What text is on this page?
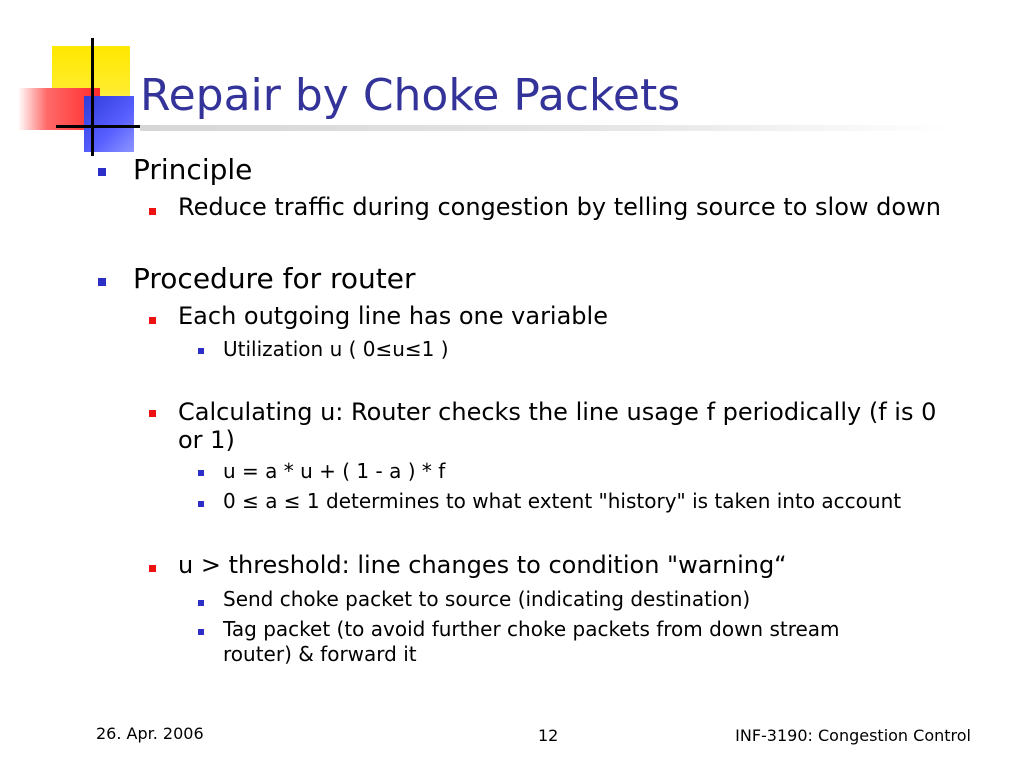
Repair by Choke Packets
Principle
Reduce traffic during congestion by telling source to slow down
Procedure for router
Each outgoing line has one variable
Utilization u ( 0≤u≤1 )
Calculating u: Router checks the line usage f periodically (f is 0
or 1)
u = a * u + ( 1 - a ) * f
0 ≤ a ≤ 1 determines to what extent "history" is taken into account
u > threshold: line changes to condition "warning“
Send choke packet to source (indicating destination)
Tag packet (to avoid further choke packets from down stream
router) & forward it
26. Apr. 2006	12	INF-3190: Congestion Control
